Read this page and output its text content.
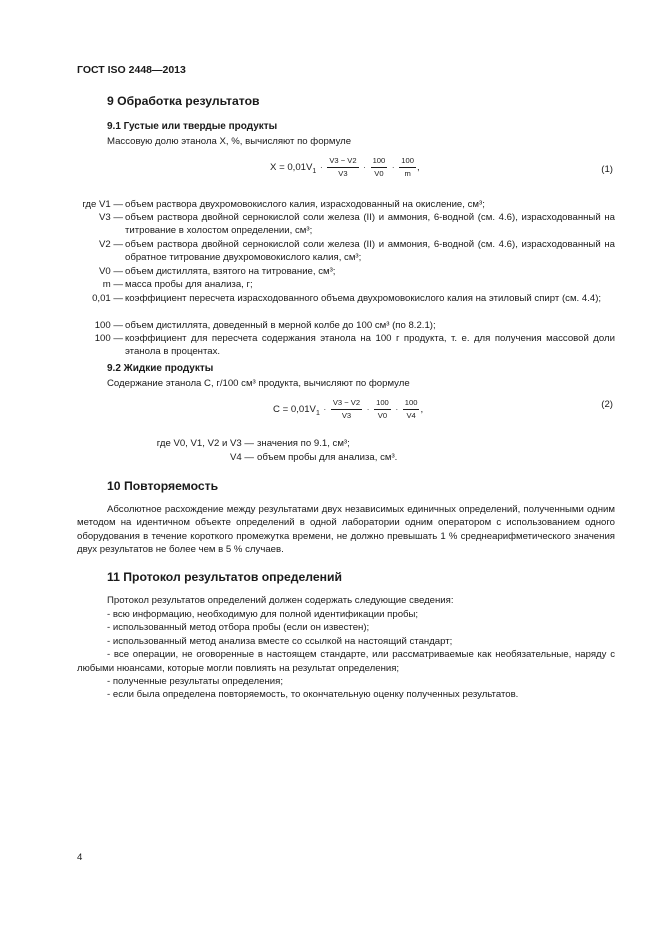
ГОСТ ISO 2448—2013
9 Обработка результатов
9.1 Густые или твердые продукты
Массовую долю этанола X, %, вычисляют по формуле
$X = 0,01V_1 \cdot \frac{V3 - V2}{V3} \cdot \frac{100}{V0} \cdot \frac{100}{m}$ ,	(1)
где V1 — объем раствора двухромовокислого калия, израсходованный на окисление, см³;
V3 — объем раствора двойной сернокислой соли железа (II) и аммония, 6-водной (см. 4.6), израсходованный на титрование в холостом определении, см³;
V2 — объем раствора двойной сернокислой соли железа (II) и аммония, 6-водной (см. 4.6), израсходованный на обратное титрование двухромовокислого калия, см³;
V0 — объем дистиллята, взятого на титрование, см³;
m — масса пробы для анализа, г;
0,01 — коэффициент пересчета израсходованного объема двухромовокислого калия на этиловый спирт (см. 4.4);
100 — объем дистиллята, доведенный в мерной колбе до 100 см³ (по 8.2.1);
100 — коэффициент для пересчета содержания этанола на 100 г продукта, т. е. для получения массовой доли этанола в процентах.
9.2 Жидкие продукты
Содержание этанола C, г/100 см³ продукта, вычисляют по формуле
$C = 0,01V_1 \cdot \frac{V3 - V2}{V3} \cdot \frac{100}{V0} \cdot \frac{100}{V4}$ ,	(2)
где V0, V1, V2 и V3 — значения по 9.1, см³;
V4 — объем пробы для анализа, см³.
10 Повторяемость
Абсолютное расхождение между результатами двух независимых единичных определений, полученными одним методом на идентичном объекте определений в одной лаборатории одним оператором с использованием одного оборудования в течение короткого промежутка времени, не должно превышать 1 % среднеарифметического значения двух результатов не более чем в 5 % случаев.
11 Протокол результатов определений
Протокол результатов определений должен содержать следующие сведения:
- всю информацию, необходимую для полной идентификации пробы;
- использованный метод отбора пробы (если он известен);
- использованный метод анализа вместе со ссылкой на настоящий стандарт;
- все операции, не оговоренные в настоящем стандарте, или рассматриваемые как необязательные, наряду с любыми нюансами, которые могли повлиять на результат определения;
- полученные результаты определения;
- если была определена повторяемость, то окончательную оценку полученных результатов.
4
